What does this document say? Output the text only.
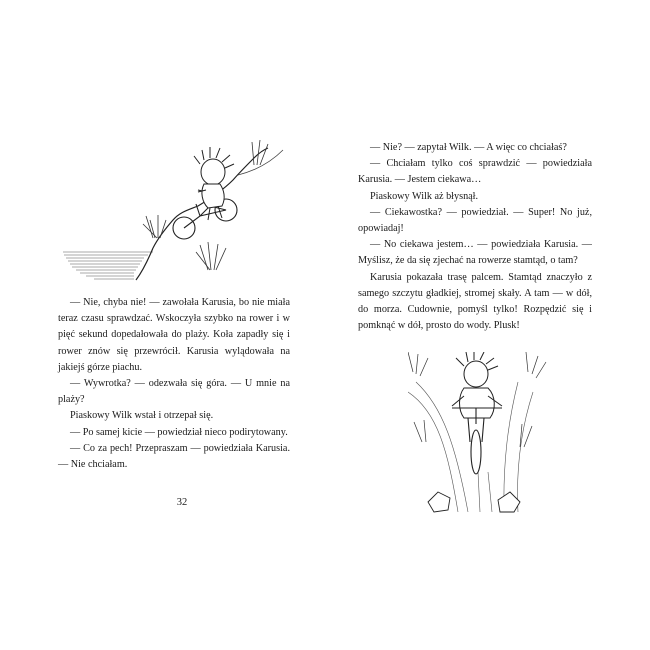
— Nie, chyba nie! — zawołała Karusia, bo nie miała teraz czasu sprawdzać. Wskoczyła szybko na rower i w pięć sekund dopedałowała do plaży. Koła zapadły się i rower znów się przewrócił. Karusia wylądowała na jakiejś górze piachu.

— Wywrotka? — odezwała się góra. — U mnie na plaży?

Piaskowy Wilk wstał i otrzepał się.

— Po samej kicie — powiedział nieco podirytowany.

— Co za pech! Przepraszam — powiedziała Karusia. — Nie chciałam.

32

— Nie? — zapytał Wilk. — A więc co chciałaś?

— Chciałam tylko coś sprawdzić — powiedziała Karusia. — Jestem ciekawa…

Piaskowy Wilk aż błysnął.

— Ciekawostka? — powiedział. — Super! No już, opowiadaj!

— No ciekawa jestem… — powiedziała Karusia. — Myślisz, że da się zjechać na rowerze stamtąd, o tam?

Karusia pokazała trasę palcem. Stamtąd znaczyło z samego szczytu gładkiej, stromej skały. A tam — w dół, do morza. Cudownie, pomyśl tylko! Rozpędzić się i pomknąć w dół, prosto do wody. Plusk!
